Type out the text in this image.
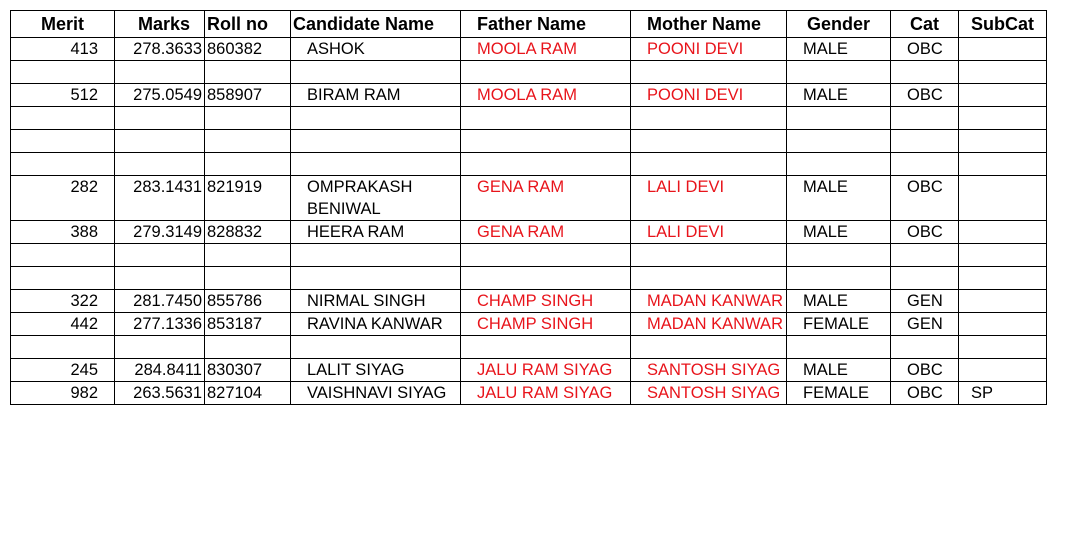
Merit	Marks	Roll no	Candidate Name	Father Name	Mother Name	Gender	Cat	SubCat
413	278.3633	860382	ASHOK	MOOLA RAM	POONI DEVI	MALE	OBC	

512	275.0549	858907	BIRAM RAM	MOOLA RAM	POONI DEVI	MALE	OBC	

282	283.1431	821919	OMPRAKASH BENIWAL	GENA RAM	LALI DEVI	MALE	OBC	
388	279.3149	828832	HEERA RAM	GENA RAM	LALI DEVI	MALE	OBC	

322	281.7450	855786	NIRMAL SINGH	CHAMP SINGH	MADAN KANWAR	MALE	GEN	
442	277.1336	853187	RAVINA KANWAR	CHAMP SINGH	MADAN KANWAR	FEMALE	GEN	

245	284.8411	830307	LALIT SIYAG	JALU RAM SIYAG	SANTOSH SIYAG	MALE	OBC	
982	263.5631	827104	VAISHNAVI SIYAG	JALU RAM SIYAG	SANTOSH SIYAG	FEMALE	OBC	SP
